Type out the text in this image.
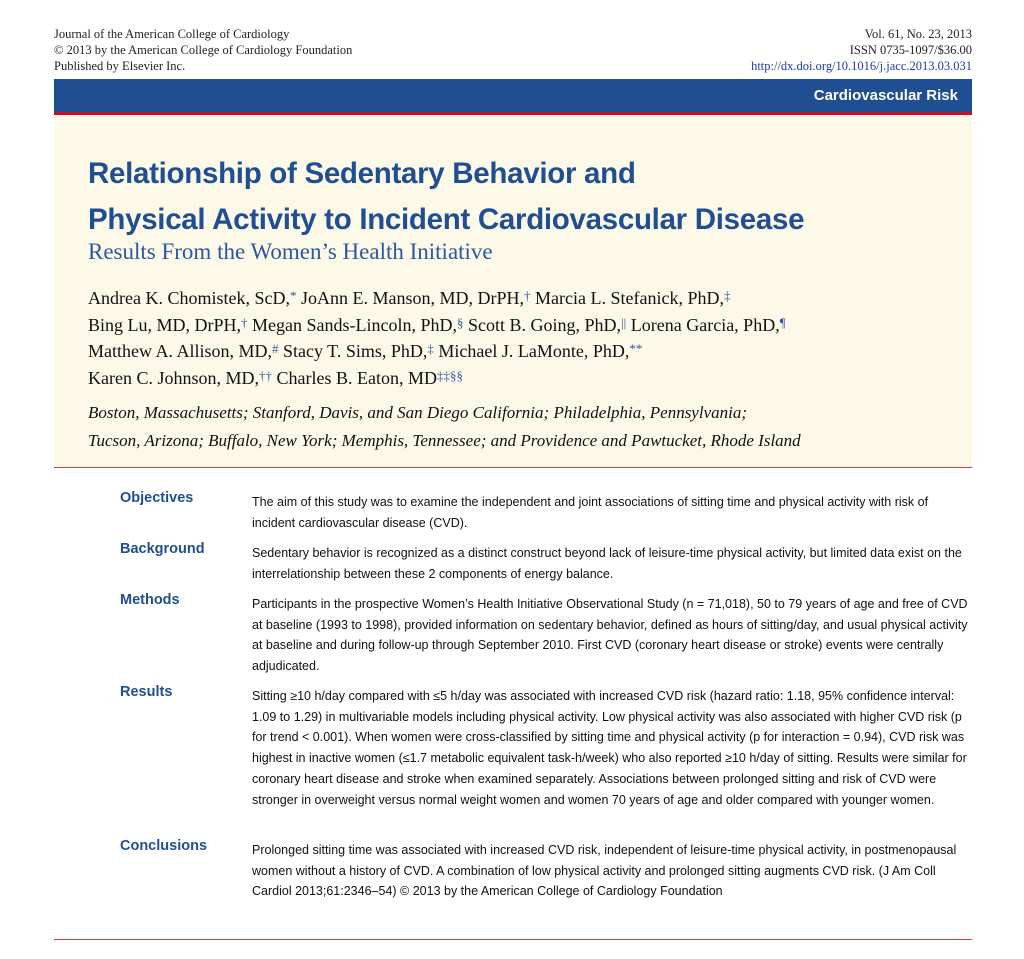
Journal of the American College of Cardiology
© 2013 by the American College of Cardiology Foundation
Published by Elsevier Inc.
Vol. 61, No. 23, 2013
ISSN 0735-1097/$36.00
http://dx.doi.org/10.1016/j.jacc.2013.03.031
Cardiovascular Risk
Relationship of Sedentary Behavior and
Physical Activity to Incident Cardiovascular Disease
Results From the Women’s Health Initiative
Andrea K. Chomistek, ScD,* JoAnn E. Manson, MD, DrPH,† Marcia L. Stefanick, PhD,‡
Bing Lu, MD, DrPH,† Megan Sands-Lincoln, PhD,§ Scott B. Going, PhD,|| Lorena Garcia, PhD,¶
Matthew A. Allison, MD,# Stacy T. Sims, PhD,‡ Michael J. LaMonte, PhD,**
Karen C. Johnson, MD,†† Charles B. Eaton, MD‡‡§§
Boston, Massachusetts; Stanford, Davis, and San Diego California; Philadelphia, Pennsylvania;
Tucson, Arizona; Buffalo, New York; Memphis, Tennessee; and Providence and Pawtucket, Rhode Island
Objectives	The aim of this study was to examine the independent and joint associations of sitting time and physical activity with risk of incident cardiovascular disease (CVD).
Background	Sedentary behavior is recognized as a distinct construct beyond lack of leisure-time physical activity, but limited data exist on the interrelationship between these 2 components of energy balance.
Methods	Participants in the prospective Women’s Health Initiative Observational Study (n = 71,018), 50 to 79 years of age and free of CVD at baseline (1993 to 1998), provided information on sedentary behavior, defined as hours of sitting/day, and usual physical activity at baseline and during follow-up through September 2010. First CVD (coronary heart disease or stroke) events were centrally adjudicated.
Results	Sitting ≥10 h/day compared with ≤5 h/day was associated with increased CVD risk (hazard ratio: 1.18, 95% confidence interval: 1.09 to 1.29) in multivariable models including physical activity. Low physical activity was also associated with higher CVD risk (p for trend < 0.001). When women were cross-classified by sitting time and physical activity (p for interaction = 0.94), CVD risk was highest in inactive women (≤1.7 metabolic equivalent task-h/week) who also reported ≥10 h/day of sitting. Results were similar for coronary heart disease and stroke when examined separately. Associations between prolonged sitting and risk of CVD were stronger in overweight versus normal weight women and women 70 years of age and older compared with younger women.
Conclusions	Prolonged sitting time was associated with increased CVD risk, independent of leisure-time physical activity, in postmenopausal women without a history of CVD. A combination of low physical activity and prolonged sitting augments CVD risk. (J Am Coll Cardiol 2013;61:2346–54) © 2013 by the American College of Cardiology Foundation
